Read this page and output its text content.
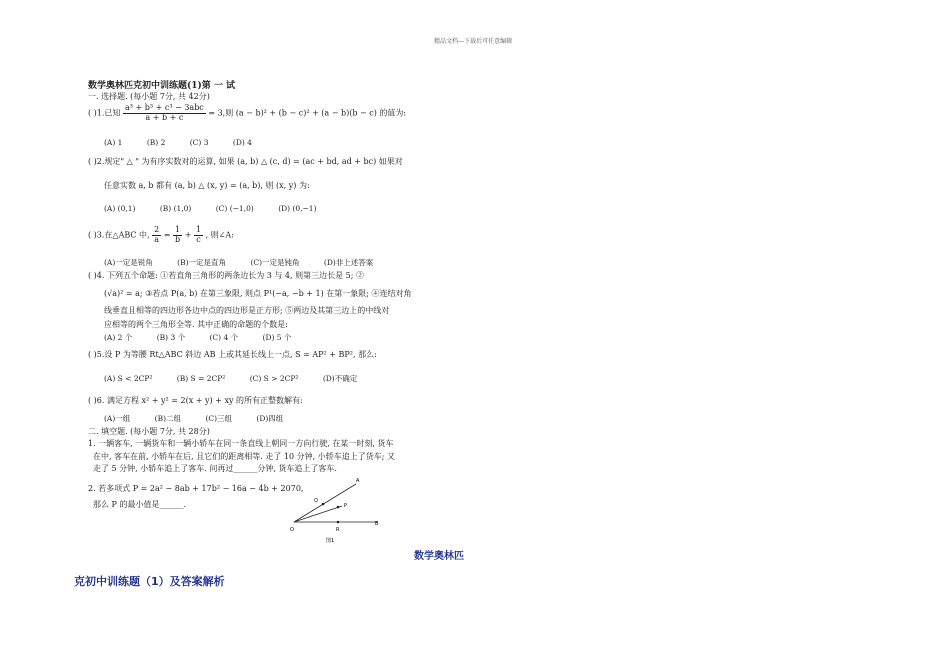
精品文档---下载后可任意编辑
数学奥林匹克初中训练题(1)第 一 试
一. 选择题. (每小题 7分, 共 42分)
( )1.已知 $\frac{\text{a³ + b³ + c³ − 3abc}}{a + b + c} = 3$,则 (a − b)² + (b − c)² + (a − b)(b − c) 的值为:
(A) 1	(B) 2	(C) 3	(D) 4
( )2.规定" △ " 为有序实数对的运算, 如果 (a, b) △ (c, d) = (ac + bd, ad + bc) 如果对
任意实数 a, b 都有 (a, b) △ (x, y) = (a, b), 则 (x, y) 为:
(A) (0,1)	(B) (1,0)	(C) (−1,0)	(D) (0,−1)
( )3.在△ABC 中, $\frac{2}{a} = \frac{1}{b} + \frac{1}{c}$ , 则∠A:
(A)一定是锐角	(B)一定是直角	(C)一定是钝角	(D)非上述答案
( )4. 下列五个命题: ①若直角三角形的两条边长为 3 与 4, 则第三边长是 5; ②
(√a)² = a; ③若点 P(a, b) 在第三象限, 则点 P¹(−a, −b + 1) 在第一象限; ④连结对角
线垂直且相等的四边形各边中点的四边形是正方形; ⑤两边及其第三边上的中线对
应相等的两个三角形全等. 其中正确的命题的个数是:
(A) 2 个	(B) 3 个	(C) 4 个	(D) 5 个
( )5.设 P 为等腰 Rt△ABC 斜边 AB 上或其延长线上一点, S = AP² + BP², 那么:
(A) S < 2CP²	(B) S = 2CP²	(C) S > 2CP²	(D)不确定
( )6. 满足方程 x² + y² = 2(x + y) + xy 的所有正整数解有:
(A)一组	(B)二组	(C)三组	(D)四组
二. 填空题. (每小题 7分, 共 28分)
1. 一辆客车, 一辆货车和一辆小轿车在同一条直线上朝同一方向行驶, 在某一时刻, 货车
在中, 客车在前, 小轿车在后, 且它们的距离相等. 走了 10 分钟, 小轿车追上了货车; 又
走了 5 分钟, 小轿车追上了客车. 问再过______分钟, 货车追上了客车.
2. 若多项式 P = 2a² − 8ab + 17b² − 16a − 4b + 2070,
那么 P 的最小值是______.
A
Q
P
O	R
B
图1
数学奥林匹
克初中训练题（1）及答案解析
